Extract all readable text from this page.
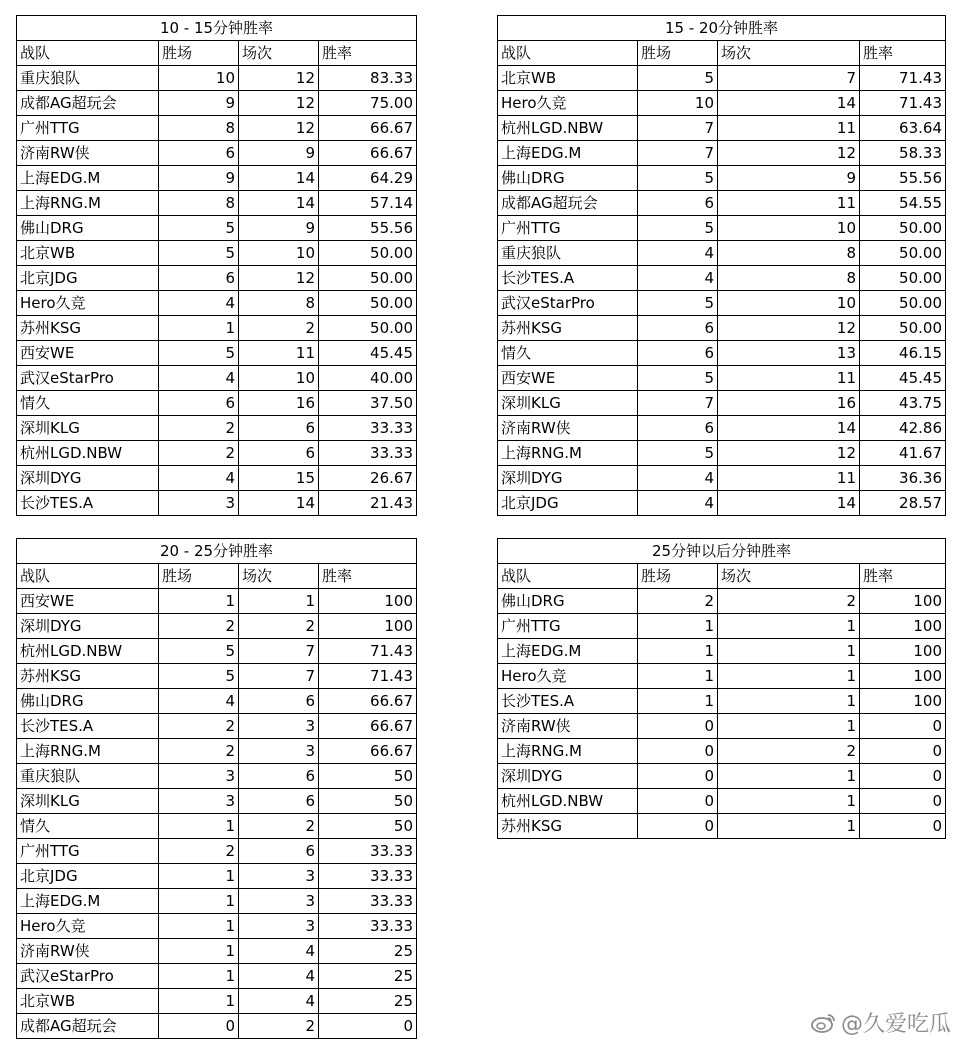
10 - 15分钟胜率			
战队	胜场	场次	胜率
重庆狼队	10	12	83.33
成都AG超玩会	9	12	75.00
广州TTG	8	12	66.67
济南RW侠	6	9	66.67
上海EDG.M	9	14	64.29
上海RNG.M	8	14	57.14
佛山DRG	5	9	55.56
北京WB	5	10	50.00
北京JDG	6	12	50.00
Hero久竞	4	8	50.00
苏州KSG	1	2	50.00
西安WE	5	11	45.45
武汉eStarPro	4	10	40.00
情久	6	16	37.50
深圳KLG	2	6	33.33
杭州LGD.NBW	2	6	33.33
深圳DYG	4	15	26.67
长沙TES.A	3	14	21.43
15 - 20分钟胜率			
战队	胜场	场次	胜率
北京WB	5	7	71.43
Hero久竞	10	14	71.43
杭州LGD.NBW	7	11	63.64
上海EDG.M	7	12	58.33
佛山DRG	5	9	55.56
成都AG超玩会	6	11	54.55
广州TTG	5	10	50.00
重庆狼队	4	8	50.00
长沙TES.A	4	8	50.00
武汉eStarPro	5	10	50.00
苏州KSG	6	12	50.00
情久	6	13	46.15
西安WE	5	11	45.45
深圳KLG	7	16	43.75
济南RW侠	6	14	42.86
上海RNG.M	5	12	41.67
深圳DYG	4	11	36.36
北京JDG	4	14	28.57
20 - 25分钟胜率			
战队	胜场	场次	胜率
西安WE	1	1	100
深圳DYG	2	2	100
杭州LGD.NBW	5	7	71.43
苏州KSG	5	7	71.43
佛山DRG	4	6	66.67
长沙TES.A	2	3	66.67
上海RNG.M	2	3	66.67
重庆狼队	3	6	50
深圳KLG	3	6	50
情久	1	2	50
广州TTG	2	6	33.33
北京JDG	1	3	33.33
上海EDG.M	1	3	33.33
Hero久竞	1	3	33.33
济南RW侠	1	4	25
武汉eStarPro	1	4	25
北京WB	1	4	25
成都AG超玩会	0	2	0
25分钟以后分钟胜率			
战队	胜场	场次	胜率
佛山DRG	2	2	100
广州TTG	1	1	100
上海EDG.M	1	1	100
Hero久竞	1	1	100
长沙TES.A	1	1	100
济南RW侠	0	1	0
上海RNG.M	0	2	0
深圳DYG	0	1	0
杭州LGD.NBW	0	1	0
苏州KSG	0	1	0
@久爱吃瓜
